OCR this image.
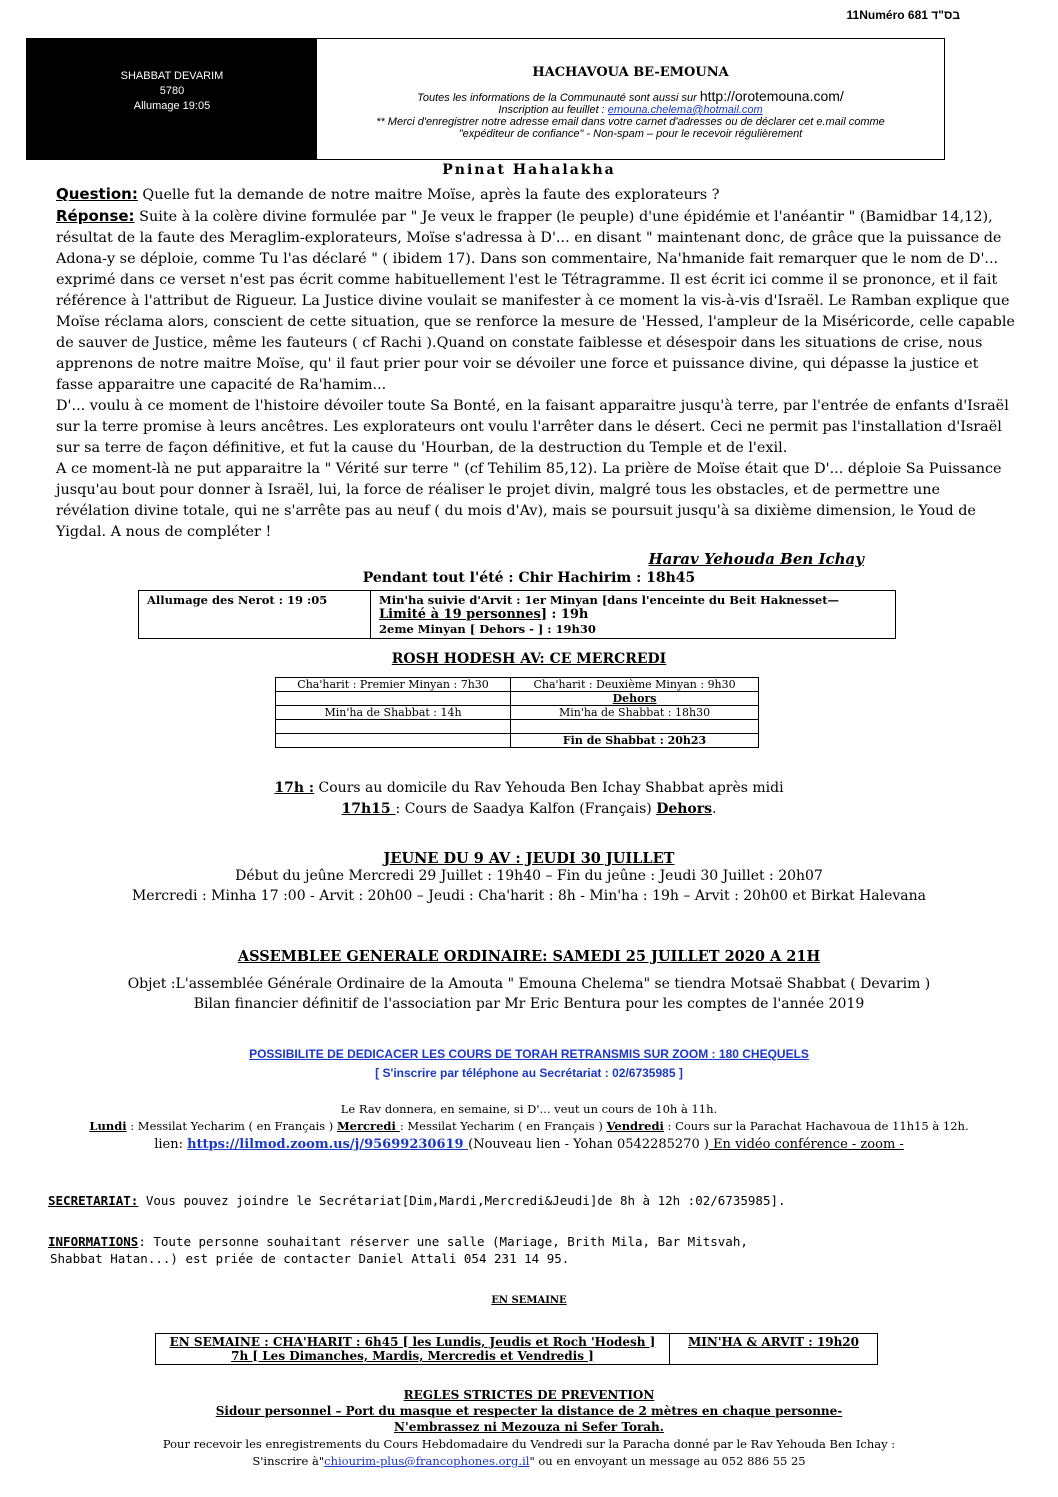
11Numéro 681 בס"ד
SHABBAT DEVARIM
5780
Allumage 19:05
HACHAVOUA BE-EMOUNA
Toutes les informations de la Communauté sont aussi sur http://orotemouna.com/
Inscription au feuillet : emouna.chelema@hotmail.com
** Merci d'enregistrer notre adresse email dans votre carnet d'adresses ou de déclarer cet e.mail comme
"expéditeur de confiance" - Non-spam – pour le recevoir régulièrement
Pninat Hahalakha

Question: Quelle fut la demande de notre maitre Moïse, après la faute des explorateurs ?

Réponse: Suite à la colère divine formulée par " Je veux le frapper (le peuple) d'une épidémie et l'anéantir " (Bamidbar 14,12), résultat de la faute des Meraglim-explorateurs, Moïse s'adressa à D'... en disant " maintenant donc, de grâce que la puissance de Adona-y se déploie, comme Tu l'as déclaré " ( ibidem 17). Dans son commentaire, Na'hmanide fait remarquer que le nom de D'... exprimé dans ce verset n'est pas écrit comme habituellement l'est le Tétragramme. Il est écrit ici comme il se prononce, et il fait référence à l'attribut de Rigueur. La Justice divine voulait se manifester à ce moment la vis-à-vis d'Israël. Le Ramban explique que Moïse réclama alors, conscient de cette situation, que se renforce la mesure de 'Hessed, l'ampleur de la Miséricorde, celle capable de sauver de Justice, même les fauteurs ( cf Rachi ).Quand on constate faiblesse et désespoir dans les situations de crise, nous apprenons de notre maitre Moïse, qu' il faut prier pour voir se dévoiler une force et puissance divine, qui dépasse la justice et fasse apparaitre une capacité de Ra'hamim...

D'... voulu à ce moment de l'histoire dévoiler toute Sa Bonté, en la faisant apparaitre jusqu'à terre, par l'entrée de enfants d'Israël sur la terre promise à leurs ancêtres. Les explorateurs ont voulu l'arrêter dans le désert. Ceci ne permit pas l'installation d'Israël sur sa terre de façon définitive, et fut la cause du 'Hourban, de la destruction du Temple et de l'exil.

A ce moment-là ne put apparaitre la " Vérité sur terre " (cf Tehilim 85,12). La prière de Moïse était que D'... déploie Sa Puissance jusqu'au bout pour donner à Israël, lui, la force de réaliser le projet divin, malgré tous les obstacles, et de permettre une révélation divine totale, qui ne s'arrête pas au neuf ( du mois d'Av), mais se poursuit jusqu'à sa dixième dimension, le Youd de Yigdal. A nous de compléter !

Harav Yehouda Ben Ichay
Pendant tout l'été : Chir Hachirim : 18h45
Allumage des Nerot : 19 :05	Min'ha suivie d'Arvit : 1er Minyan [dans l'enceinte du Beit Haknesset—
Limité à 19 personnes] : 19h
2eme Minyan [ Dehors - ] : 19h30
ROSH HODESH AV: CE MERCREDI
Cha'harit : Premier Minyan : 7h30	Cha'harit : Deuxième Minyan : 9h30
	Dehors
Min'ha de Shabbat : 14h	Min'ha de Shabbat : 18h30

	Fin de Shabbat : 20h23
17h : Cours au domicile du Rav Yehouda Ben Ichay Shabbat après midi
17h15 : Cours de Saadya Kalfon (Français) Dehors.
JEUNE DU 9 AV : JEUDI 30 JUILLET
Début du jeûne Mercredi 29 Juillet : 19h40 – Fin du jeûne : Jeudi 30 Juillet : 20h07
Mercredi : Minha 17 :00 - Arvit : 20h00 – Jeudi : Cha'harit : 8h - Min'ha : 19h – Arvit : 20h00 et Birkat Halevana
ASSEMBLEE GENERALE ORDINAIRE: SAMEDI 25 JUILLET 2020 A 21H
Objet :L'assemblée Générale Ordinaire de la Amouta " Emouna Chelema" se tiendra Motsaë Shabbat ( Devarim )
Bilan financier définitif de l'association par Mr Eric Bentura pour les comptes de l'année 2019
POSSIBILITE DE DEDICACER LES COURS DE TORAH RETRANSMIS SUR ZOOM : 180 CHEQUELS
[ S'inscrire par téléphone au Secrétariat : 02/6735985 ]
Le Rav donnera, en semaine, si D'... veut un cours de 10h à 11h.
Lundi : Messilat Yecharim ( en Français ) Mercredi : Messilat Yecharim ( en Français ) Vendredi : Cours sur la Parachat Hachavoua de 11h15 à 12h.
lien: https://lilmod.zoom.us/j/95699230619 (Nouveau lien - Yohan 0542285270 ) En vidéo conférence - zoom -
SECRETARIAT: Vous pouvez joindre le Secrétariat[Dim,Mardi,Mercredi&Jeudi]de 8h à 12h :02/6735985].
INFORMATIONS: Toute personne souhaitant réserver une salle (Mariage, Brith Mila, Bar Mitsvah,
Shabbat Hatan...) est priée de contacter Daniel Attali 054 231 14 95.
EN SEMAINE
EN SEMAINE : CHA'HARIT : 6h45 [ les Lundis, Jeudis et Roch 'Hodesh ]
7h [ Les Dimanches, Mardis, Mercredis et Vendredis ]
	MIN'HA & ARVIT : 19h20
REGLES STRICTES DE PREVENTION
Sidour personnel – Port du masque et respecter la distance de 2 mètres en chaque personne-
N'embrassez ni Mezouza ni Sefer Torah.
Pour recevoir les enregistrements du Cours Hebdomadaire du Vendredi sur la Paracha donné par le Rav Yehouda Ben Ichay :
S'inscrire à"chiourim-plus@francophones.org.il" ou en envoyant un message au 052 886 55 25
